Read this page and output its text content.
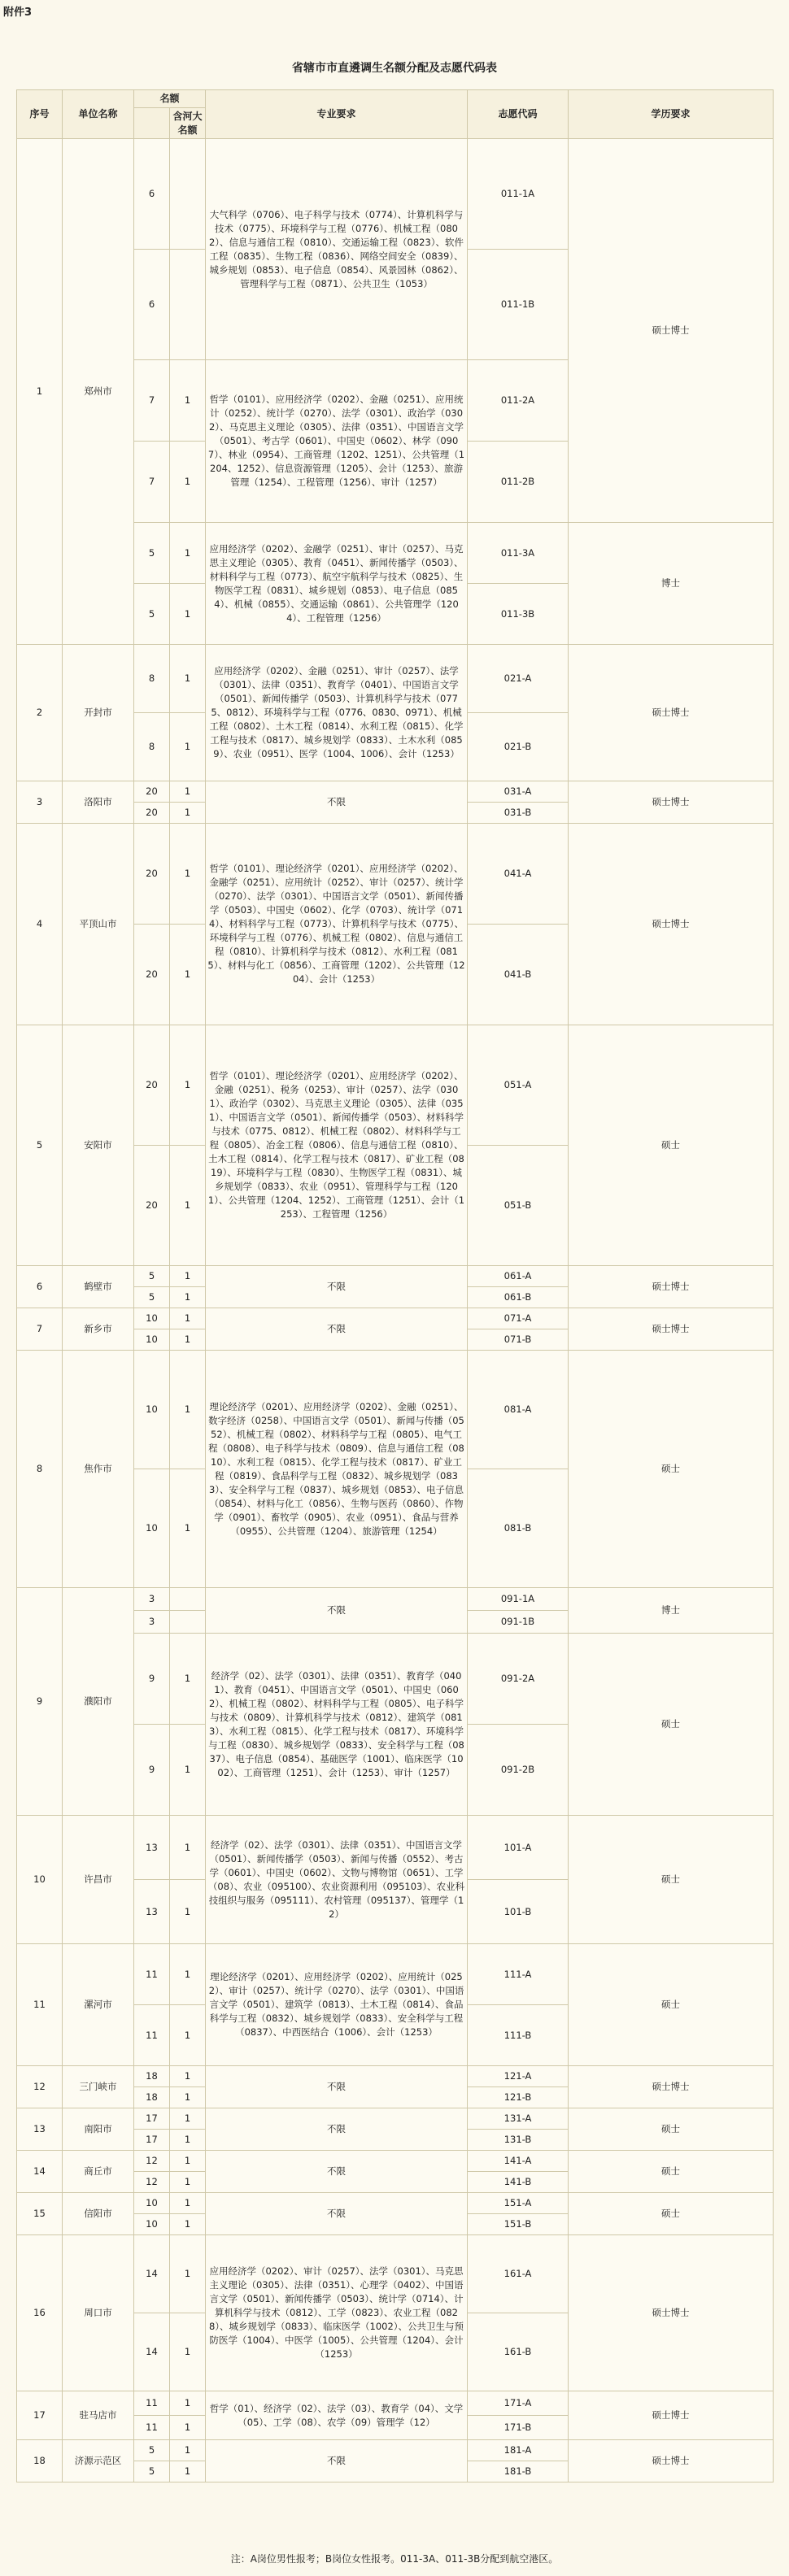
附件3
省辖市市直遴调生名额分配及志愿代码表
序号	单位名称	名额		专业要求	志愿代码	学历要求
			含河大名额			
1	郑州市	6		大气科学（0706）、电子科学与技术（0774）、计算机科学与技术（0775）、环境科学与工程（0776）、机械工程（0802）、信息与通信工程（0810）、交通运输工程（0823）、软件工程（0835）、生物工程（0836）、网络空间安全（0839）、城乡规划（0853）、电子信息（0854）、风景园林（0862）、管理科学与工程（0871）、公共卫生（1053）	011-1A	硕士博士
		6			011-1B	
		7	1	哲学（0101）、应用经济学（0202）、金融（0251）、应用统计（0252）、统计学（0270）、法学（0301）、政治学（0302）、马克思主义理论（0305）、法律（0351）、中国语言文学（0501）、考古学（0601）、中国史（0602）、林学（0907）、林业（0954）、工商管理（1202、1251）、公共管理（1204、1252）、信息资源管理（1205）、会计（1253）、旅游管理（1254）、工程管理（1256）、审计（1257）	011-2A	
		7	1		011-2B	
		5	1	应用经济学（0202）、金融学（0251）、审计（0257）、马克思主义理论（0305）、教育（0451）、新闻传播学（0503）、材料科学与工程（0773）、航空宇航科学与技术（0825）、生物医学工程（0831）、城乡规划（0853）、电子信息（0854）、机械（0855）、交通运输（0861）、公共管理学（1204）、工程管理（1256）	011-3A	博士
		5	1		011-3B	
2	开封市	8	1	应用经济学（0202）、金融（0251）、审计（0257）、法学（0301）、法律（0351）、教育学（0401）、中国语言文学（0501）、新闻传播学（0503）、计算机科学与技术（0775、0812）、环境科学与工程（0776、0830、0971）、机械工程（0802）、土木工程（0814）、水利工程（0815）、化学工程与技术（0817）、城乡规划学（0833）、土木水利（0859）、农业（0951）、医学（1004、1006）、会计（1253）	021-A	硕士博士
		8	1		021-B	
3	洛阳市	20	1	不限	031-A	硕士博士
		20	1		031-B	
4	平顶山市	20	1	哲学（0101）、理论经济学（0201）、应用经济学（0202）、金融学（0251）、应用统计（0252）、审计（0257）、统计学（0270）、法学（0301）、中国语言文学（0501）、新闻传播学（0503）、中国史（0602）、化学（0703）、统计学（0714）、材料科学与工程（0773）、计算机科学与技术（0775）、环境科学与工程（0776）、机械工程（0802）、信息与通信工程（0810）、计算机科学与技术（0812）、水利工程（0815）、材料与化工（0856）、工商管理（1202）、公共管理（1204）、会计（1253）	041-A	硕士博士
		20	1		041-B	
5	安阳市	20	1	哲学（0101）、理论经济学（0201）、应用经济学（0202）、金融（0251）、税务（0253）、审计（0257）、法学（0301）、政治学（0302）、马克思主义理论（0305）、法律（0351）、中国语言文学（0501）、新闻传播学（0503）、材料科学与技术（0775、0812）、机械工程（0802）、材料科学与工程（0805）、冶金工程（0806）、信息与通信工程（0810）、土木工程（0814）、化学工程与技术（0817）、矿业工程（0819）、环境科学与工程（0830）、生物医学工程（0831）、城乡规划学（0833）、农业（0951）、管理科学与工程（1201）、公共管理（1204、1252）、工商管理（1251）、会计（1253）、工程管理（1256）	051-A	硕士
		20	1		051-B	
6	鹤壁市	5	1	不限	061-A	硕士博士
		5	1		061-B	
7	新乡市	10	1	不限	071-A	硕士博士
		10	1		071-B	
8	焦作市	10	1	理论经济学（0201）、应用经济学（0202）、金融（0251）、数字经济（0258）、中国语言文学（0501）、新闻与传播（0552）、机械工程（0802）、材料科学与工程（0805）、电气工程（0808）、电子科学与技术（0809）、信息与通信工程（0810）、水利工程（0815）、化学工程与技术（0817）、矿业工程（0819）、食品科学与工程（0832）、城乡规划学（0833）、安全科学与工程（0837）、城乡规划（0853）、电子信息（0854）、材料与化工（0856）、生物与医药（0860）、作物学（0901）、畜牧学（0905）、农业（0951）、食品与营养（0955）、公共管理（1204）、旅游管理（1254）	081-A	硕士
		10	1		081-B	
9	濮阳市	3		不限	091-1A	博士
		3			091-1B	
		9	1	经济学（02）、法学（0301）、法律（0351）、教育学（0401）、教育（0451）、中国语言文学（0501）、中国史（0602）、机械工程（0802）、材料科学与工程（0805）、电子科学与技术（0809）、计算机科学与技术（0812）、建筑学（0813）、水利工程（0815）、化学工程与技术（0817）、环境科学与工程（0830）、城乡规划学（0833）、安全科学与工程（0837）、电子信息（0854）、基础医学（1001）、临床医学（1002）、工商管理（1251）、会计（1253）、审计（1257）	091-2A	硕士
		9	1		091-2B	
10	许昌市	13	1	经济学（02）、法学（0301）、法律（0351）、中国语言文学（0501）、新闻传播学（0503）、新闻与传播（0552）、考古学（0601）、中国史（0602）、文物与博物馆（0651）、工学（08）、农业（095100）、农业资源利用（095103）、农业科技组织与服务（095111）、农村管理（095137）、管理学（12）	101-A	硕士
		13	1		101-B	
11	漯河市	11	1	理论经济学（0201）、应用经济学（0202）、应用统计（0252）、审计（0257）、统计学（0270）、法学（0301）、中国语言文学（0501）、建筑学（0813）、土木工程（0814）、食品科学与工程（0832）、城乡规划学（0833）、安全科学与工程（0837）、中西医结合（1006）、会计（1253）	111-A	硕士
		11	1		111-B	
12	三门峡市	18	1	不限	121-A	硕士博士
		18	1		121-B	
13	南阳市	17	1	不限	131-A	硕士
		17	1		131-B	
14	商丘市	12	1	不限	141-A	硕士
		12	1		141-B	
15	信阳市	10	1	不限	151-A	硕士
		10	1		151-B	
16	周口市	14	1	应用经济学（0202）、审计（0257）、法学（0301）、马克思主义理论（0305）、法律（0351）、心理学（0402）、中国语言文学（0501）、新闻传播学（0503）、统计学（0714）、计算机科学与技术（0812）、工学（0823）、农业工程（0828）、城乡规划学（0833）、临床医学（1002）、公共卫生与预防医学（1004）、中医学（1005）、公共管理（1204）、会计（1253）	161-A	硕士博士
		14	1		161-B	
17	驻马店市	11	1	哲学（01）、经济学（02）、法学（03）、教育学（04）、文学（05）、工学（08）、农学（09）管理学（12）	171-A	硕士博士
		11	1		171-B	
18	济源示范区	5	1	不限	181-A	硕士博士
		5	1		181-B	
注：A岗位男性报考；B岗位女性报考。011-3A、011-3B分配到航空港区。
